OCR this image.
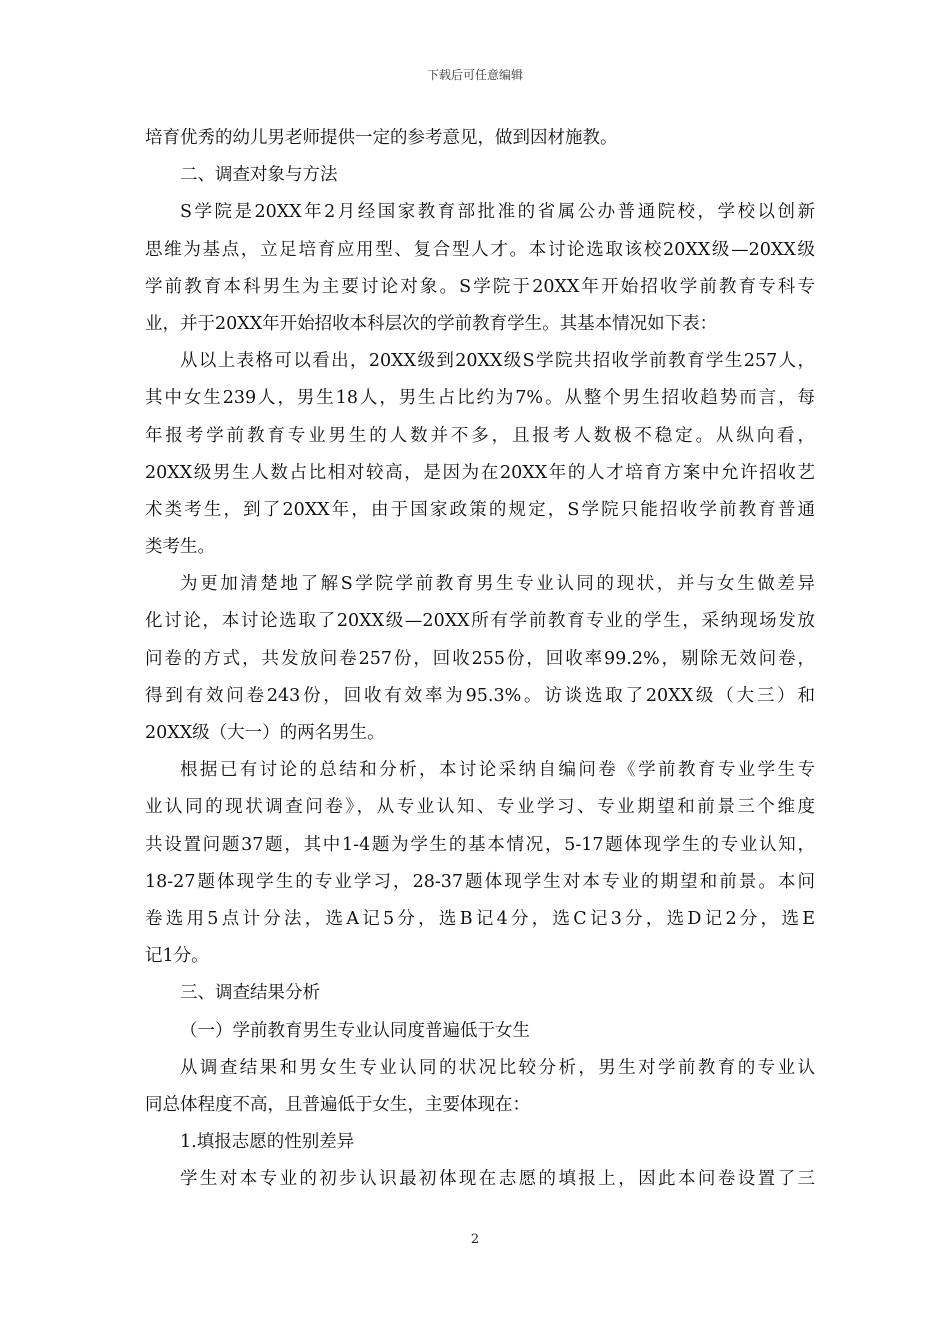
下载后可任意编辑
培育优秀的幼儿男老师提供一定的参考意见，做到因材施教。
二、调查对象与方法
S学院是20XX年2月经国家教育部批准的省属公办普通院校，学校以创新
思维为基点，立足培育应用型、复合型人才。本讨论选取该校20XX级—20XX级
学前教育本科男生为主要讨论对象。S学院于20XX年开始招收学前教育专科专
业，并于20XX年开始招收本科层次的学前教育学生。其基本情况如下表：
从以上表格可以看出，20XX级到20XX级S学院共招收学前教育学生257人，
其中女生239人，男生18人，男生占比约为7%。从整个男生招收趋势而言，每
年报考学前教育专业男生的人数并不多，且报考人数极不稳定。从纵向看，
20XX级男生人数占比相对较高，是因为在20XX年的人才培育方案中允许招收艺
术类考生，到了20XX年，由于国家政策的规定，S学院只能招收学前教育普通
类考生。
为更加清楚地了解S学院学前教育男生专业认同的现状，并与女生做差异
化讨论，本讨论选取了20XX级—20XX所有学前教育专业的学生，采纳现场发放
问卷的方式，共发放问卷257份，回收255份，回收率99.2%，剔除无效问卷，
得到有效问卷243份，回收有效率为95.3%。访谈选取了20XX级（大三）和
20XX级（大一）的两名男生。
根据已有讨论的总结和分析，本讨论采纳自编问卷《学前教育专业学生专
业认同的现状调查问卷》，从专业认知、专业学习、专业期望和前景三个维度
共设置问题37题，其中1-4题为学生的基本情况，5-17题体现学生的专业认知，
18-27题体现学生的专业学习，28-37题体现学生对本专业的期望和前景。本问
卷选用5点计分法，选A记5分，选B记4分，选C记3分，选D记2分，选E
记1分。
三、调查结果分析
（一）学前教育男生专业认同度普遍低于女生
从调查结果和男女生专业认同的状况比较分析，男生对学前教育的专业认
同总体程度不高，且普遍低于女生，主要体现在：
1.填报志愿的性别差异
学生对本专业的初步认识最初体现在志愿的填报上，因此本问卷设置了三
2
